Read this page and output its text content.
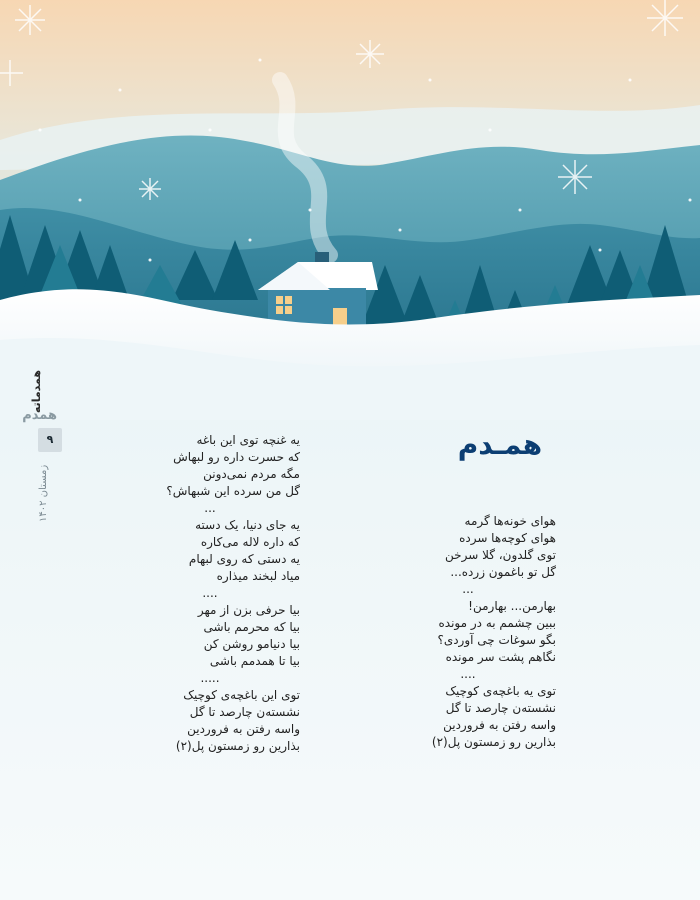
همدماته
همدم
۹
زمستان ۱۴۰۲
همـدم
هوای خونه‌ها گرمه
هوای کوچه‌ها سرده
توی گلدون، گلا سرخن
گل تو باغمون زرده...
...
بهارمن... بهارمن!
ببین چشمم به در مونده
بگو سوغات چی آوردی؟
نگاهم پشت سر مونده
....
توی یه باغچه‌ی کوچیک
نشسته‌ن چارصد تا گل
واسه رفتن به فروردین
بذارین رو زمستون پل(۲)
یه غنچه توی این باغه
که حسرت داره رو لبهاش
مگه مردم نمی‌دونن
گل من سرده این شبهاش؟
...
یه جای دنیا، یک دسته
که داره لاله می‌کاره
یه دستی که روی لبهام
میاد لبخند میذاره
....
بیا حرفی بزن از مهر
بیا که محرمم باشی
بیا دنیامو روشن کن
بیا تا همدمم باشی
.....
توی این باغچه‌ی کوچیک
نشسته‌ن چارصد تا گل
واسه رفتن به فروردین
بذارین رو زمستون پل(۲)
